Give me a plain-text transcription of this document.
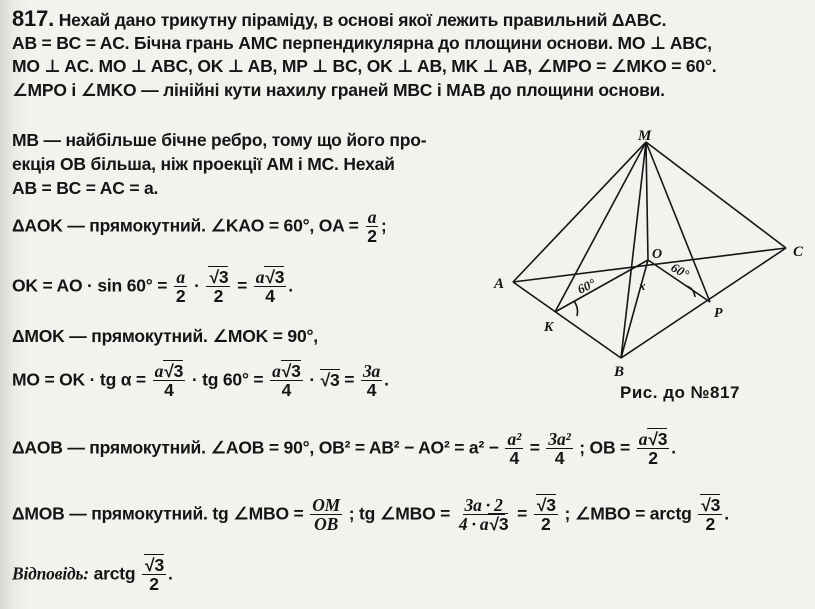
817. Нехай дано трикутну піраміду, в основі якої лежить правильний ΔABC.
AB = BC = AC. Бічна грань AMC перпендикулярна до площини основи. MO ⊥ ABC,
MO ⊥ AC. MO ⊥ ABC, OK ⊥ AB, MP ⊥ BC, OK ⊥ AB, MK ⊥ AB, ∠MPO = ∠MKO = 60°.
∠MPO і ∠MKO — лінійні кути нахилу граней MBC і MAB до площини основи.
MB — найбільше бічне ребро, тому що його про-
екція OB більша, ніж проекції AM і MC. Нехай
AB = BC = AC = a.
ΔAOK — прямокутний. ∠KAO = 60°, OA = $\frac{a}{2}$ ;
OK = AO · $\sin 60^\circ = \frac{a}{2}$ · √ $\frac{3}{2} = \frac{a √ 3}{4}$ .
ΔMOK — прямокутний. ∠MOK = 90°,
MO = OK · tg $\alpha = \frac{a √ 3}{4}$ · tg $60^\circ = \frac{a √ 3}{4}$ · √ $3 = \frac{3a}{4}$ .
Рис. до №817
ΔAOB — прямокутний. ∠AOB = 90°, $OB^2 = AB^2 - AO^2 = a^2 - \frac{\text{a²}}{4} = \frac{\text{3a²}}{4}$ ; OB = $\frac{a √ 3}{2}$ .
ΔMOB — прямокутний. tg ∠MBO = $\frac{OM}{OB}$ ; tg ∠MBO = $\frac{3a \cdot 2}{4 \cdot a √ 3}$ = √ $\frac{3}{2}$ ; ∠MBO = arctg √ $\frac{3}{2}$ .
Відповідь: arctg √ $\frac{3}{2}$ .
M
A
B
C
O
K
P
x
60°
60°
